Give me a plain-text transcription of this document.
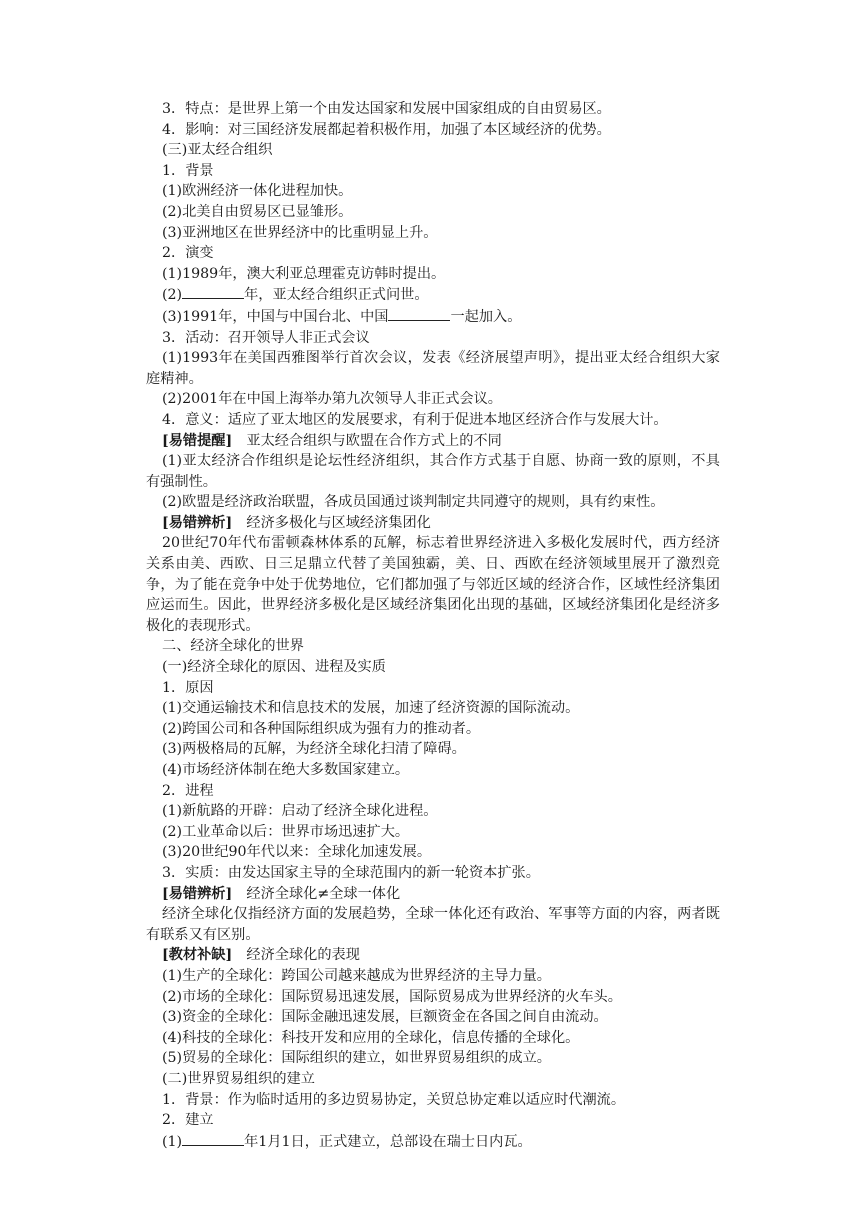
3．特点：是世界上第一个由发达国家和发展中国家组成的自由贸易区。

4．影响：对三国经济发展都起着积极作用，加强了本区域经济的优势。

(三)亚太经合组织

1．背景

(1)欧洲经济一体化进程加快。

(2)北美自由贸易区已显雏形。

(3)亚洲地区在世界经济中的比重明显上升。

2．演变

(1)1989年，澳大利亚总理霍克访韩时提出。

(2)	年，亚太经合组织正式问世。

(3)1991年，中国与中国台北、中国	一起加入。

3．活动：召开领导人非正式会议

(1)1993年在美国西雅图举行首次会议，发表《经济展望声明》，提出亚太经合组织大家庭精神。

(2)2001年在中国上海举办第九次领导人非正式会议。

4．意义：适应了亚太地区的发展要求，有利于促进本地区经济合作与发展大计。

[易错提醒]　 亚太经合组织与欧盟在合作方式上的不同

(1)亚太经济合作组织是论坛性经济组织，其合作方式基于自愿、协商一致的原则，不具有强制性。

(2)欧盟是经济政治联盟，各成员国通过谈判制定共同遵守的规则，具有约束性。

[易错辨析]　 经济多极化与区域经济集团化

20世纪70年代布雷顿森林体系的瓦解，标志着世界经济进入多极化发展时代，西方经济关系由美、西欧、日三足鼎立代替了美国独霸，美、日、西欧在经济领域里展开了激烈竞争，为了能在竞争中处于优势地位，它们都加强了与邻近区域的经济合作，区域性经济集团应运而生。因此，世界经济多极化是区域经济集团化出现的基础，区域经济集团化是经济多极化的表现形式。

二、经济全球化的世界

(一)经济全球化的原因、进程及实质

1．原因

(1)交通运输技术和信息技术的发展，加速了经济资源的国际流动。

(2)跨国公司和各种国际组织成为强有力的推动者。

(3)两极格局的瓦解，为经济全球化扫清了障碍。

(4)市场经济体制在绝大多数国家建立。

2．进程

(1)新航路的开辟：启动了经济全球化进程。

(2)工业革命以后：世界市场迅速扩大。

(3)20世纪90年代以来：全球化加速发展。

3．实质：由发达国家主导的全球范围内的新一轮资本扩张。

[易错辨析]　 经济全球化≠全球一体化

经济全球化仅指经济方面的发展趋势，全球一体化还有政治、军事等方面的内容，两者既有联系又有区别。

[教材补缺]　 经济全球化的表现

(1)生产的全球化：跨国公司越来越成为世界经济的主导力量。

(2)市场的全球化：国际贸易迅速发展，国际贸易成为世界经济的火车头。

(3)资金的全球化：国际金融迅速发展，巨额资金在各国之间自由流动。

(4)科技的全球化：科技开发和应用的全球化，信息传播的全球化。

(5)贸易的全球化：国际组织的建立，如世界贸易组织的成立。

(二)世界贸易组织的建立

1．背景：作为临时适用的多边贸易协定，关贸总协定难以适应时代潮流。

2．建立

(1)	年1月1日，正式建立，总部设在瑞士日内瓦。
